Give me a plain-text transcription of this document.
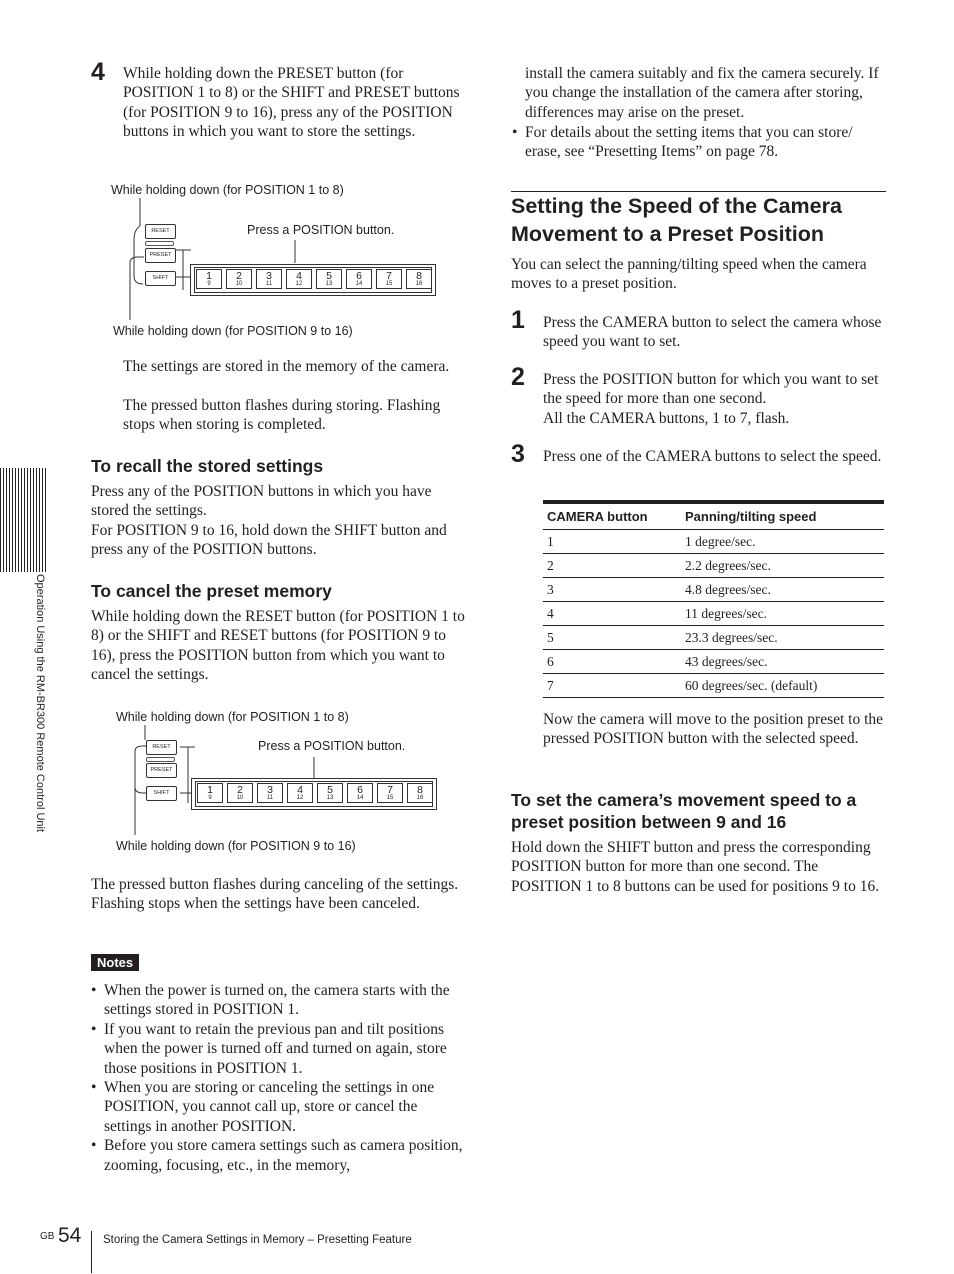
Operation Using the RM-BR300 Remote Control Unit
4 While holding down the PRESET button (for POSITION 1 to 8) or the SHIFT and PRESET buttons (for POSITION 9 to 16), press any of the POSITION buttons in which you want to store the settings.

While holding down (for POSITION 1 to 8)
Press a POSITION button.
While holding down (for POSITION 9 to 16)
RESET
PRESET
SHIFT	1
9
2
10
3
11
4
12
5
13
6
14
7
15
8
16

The settings are stored in the memory of the camera.

The pressed button flashes during storing. Flashing stops when storing is completed.

To recall the stored settings

Press any of the POSITION buttons in which you have stored the settings.

For POSITION 9 to 16, hold down the SHIFT button and press any of the POSITION buttons.

To cancel the preset memory

While holding down the RESET button (for POSITION 1 to 8) or the SHIFT and RESET buttons (for POSITION 9 to 16), press the POSITION button from which you want to cancel the settings.

While holding down (for POSITION 1 to 8)
Press a POSITION button.
While holding down (for POSITION 9 to 16)
RESET
PRESET
SHIFT	1
9
2
10
3
11
4
12
5
13
6
14
7
15
8
16

The pressed button flashes during canceling of the settings. Flashing stops when the settings have been canceled.

Notes
• When the power is turned on, the camera starts with the settings stored in POSITION 1.
• If you want to retain the previous pan and tilt positions when the power is turned off and turned on again, store those positions in POSITION 1.
• When you are storing or canceling the settings in one POSITION, you cannot call up, store or cancel the settings in another POSITION.
• Before you store camera settings such as camera position, zooming, focusing, etc., in the memory,

install the camera suitably and fix the camera securely. If you change the installation of the camera after storing, differences may arise on the preset.

• For details about the setting items that you can store/ erase, see “Presetting Items” on page 78.
Setting the Speed of the Camera Movement to a Preset Position

You can select the panning/tilting speed when the camera moves to a preset position.

1 Press the CAMERA button to select the camera whose speed you want to set.

2 Press the POSITION button for which you want to set the speed for more than one second.

All the CAMERA buttons, 1 to 7, flash.

3 Press one of the CAMERA buttons to select the speed.

CAMERA button	Panning/tilting speed
1	1 degree/sec.
2	2.2 degrees/sec.
3	4.8 degrees/sec.
4	11 degrees/sec.
5	23.3 degrees/sec.
6	43 degrees/sec.
7	60 degrees/sec. (default)

Now the camera will move to the position preset to the pressed POSITION button with the selected speed.

To set the camera’s movement speed to a preset position between 9 and 16

Hold down the SHIFT button and press the corresponding POSITION button for more than one second. The POSITION 1 to 8 buttons can be used for positions 9 to 16.

GB 54 Storing the Camera Settings in Memory – Presetting Feature
